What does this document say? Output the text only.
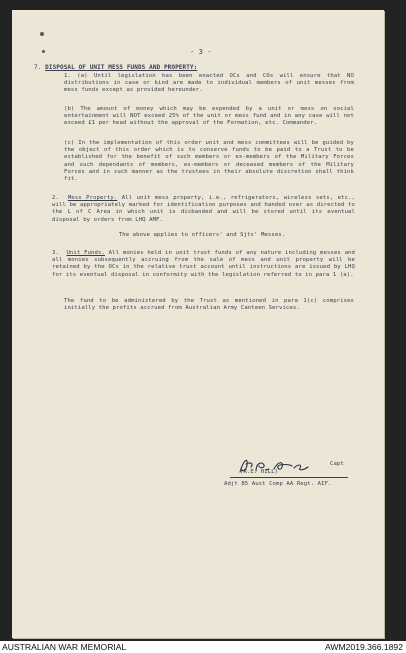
- 3 -
7. DISPOSAL OF UNIT MESS FUNDS AND PROPERTY:

1. (a) Until legislation has been enacted OCs and COs will ensure that NO distributions in case or kind are made to individual members of unit messes from mess funds except as provided hereunder.

(b) The amount of money which may be expended by a unit or mess on social entertainment will NOT exceed 25% of the unit or mess fund and in any case will not exceed £1 per head without the approval of the Formation, etc. Commander.

(c) In the implementation of this order unit and mess committees will be guided by the object of this order which is to conserve funds to be paid to a Trust to be established for the benefit of such members or ex-members of the Military Forces and such dependants of members, ex-members or deceased members of the Military Forces and in such manner as the trustees in their absolute discretion shall think fit.

2. Mess Property. All unit mess property, i.e., refrigerators, wireless sets, etc., will be appropriately marked for identification purposes and handed over as directed to the L of C Area in which unit is disbanded and will be stored until its eventual disposal by orders from LHQ AMF.

The above applies to officers' and Sjts' Messes.

3. Unit Funds. All monies held in unit trust funds of any nature including messes and all monies subsequently accruing from the sale of mess and unit property will be retained by the OCs in the relative trust account until instructions are issued by LHQ for its eventual disposal in conformity with the legislation referred to in para 1 (a).

The fund to be administered by the Trust as mentioned in para 1(c) comprises initially the profits accrued from Australian Army Canteen Services.

Capt
(R.E. HILL)
Adjt 85 Aust Comp AA Regt. AIF.
AUSTRALIAN WAR MEMORIAL	AWM2019.366.1892
